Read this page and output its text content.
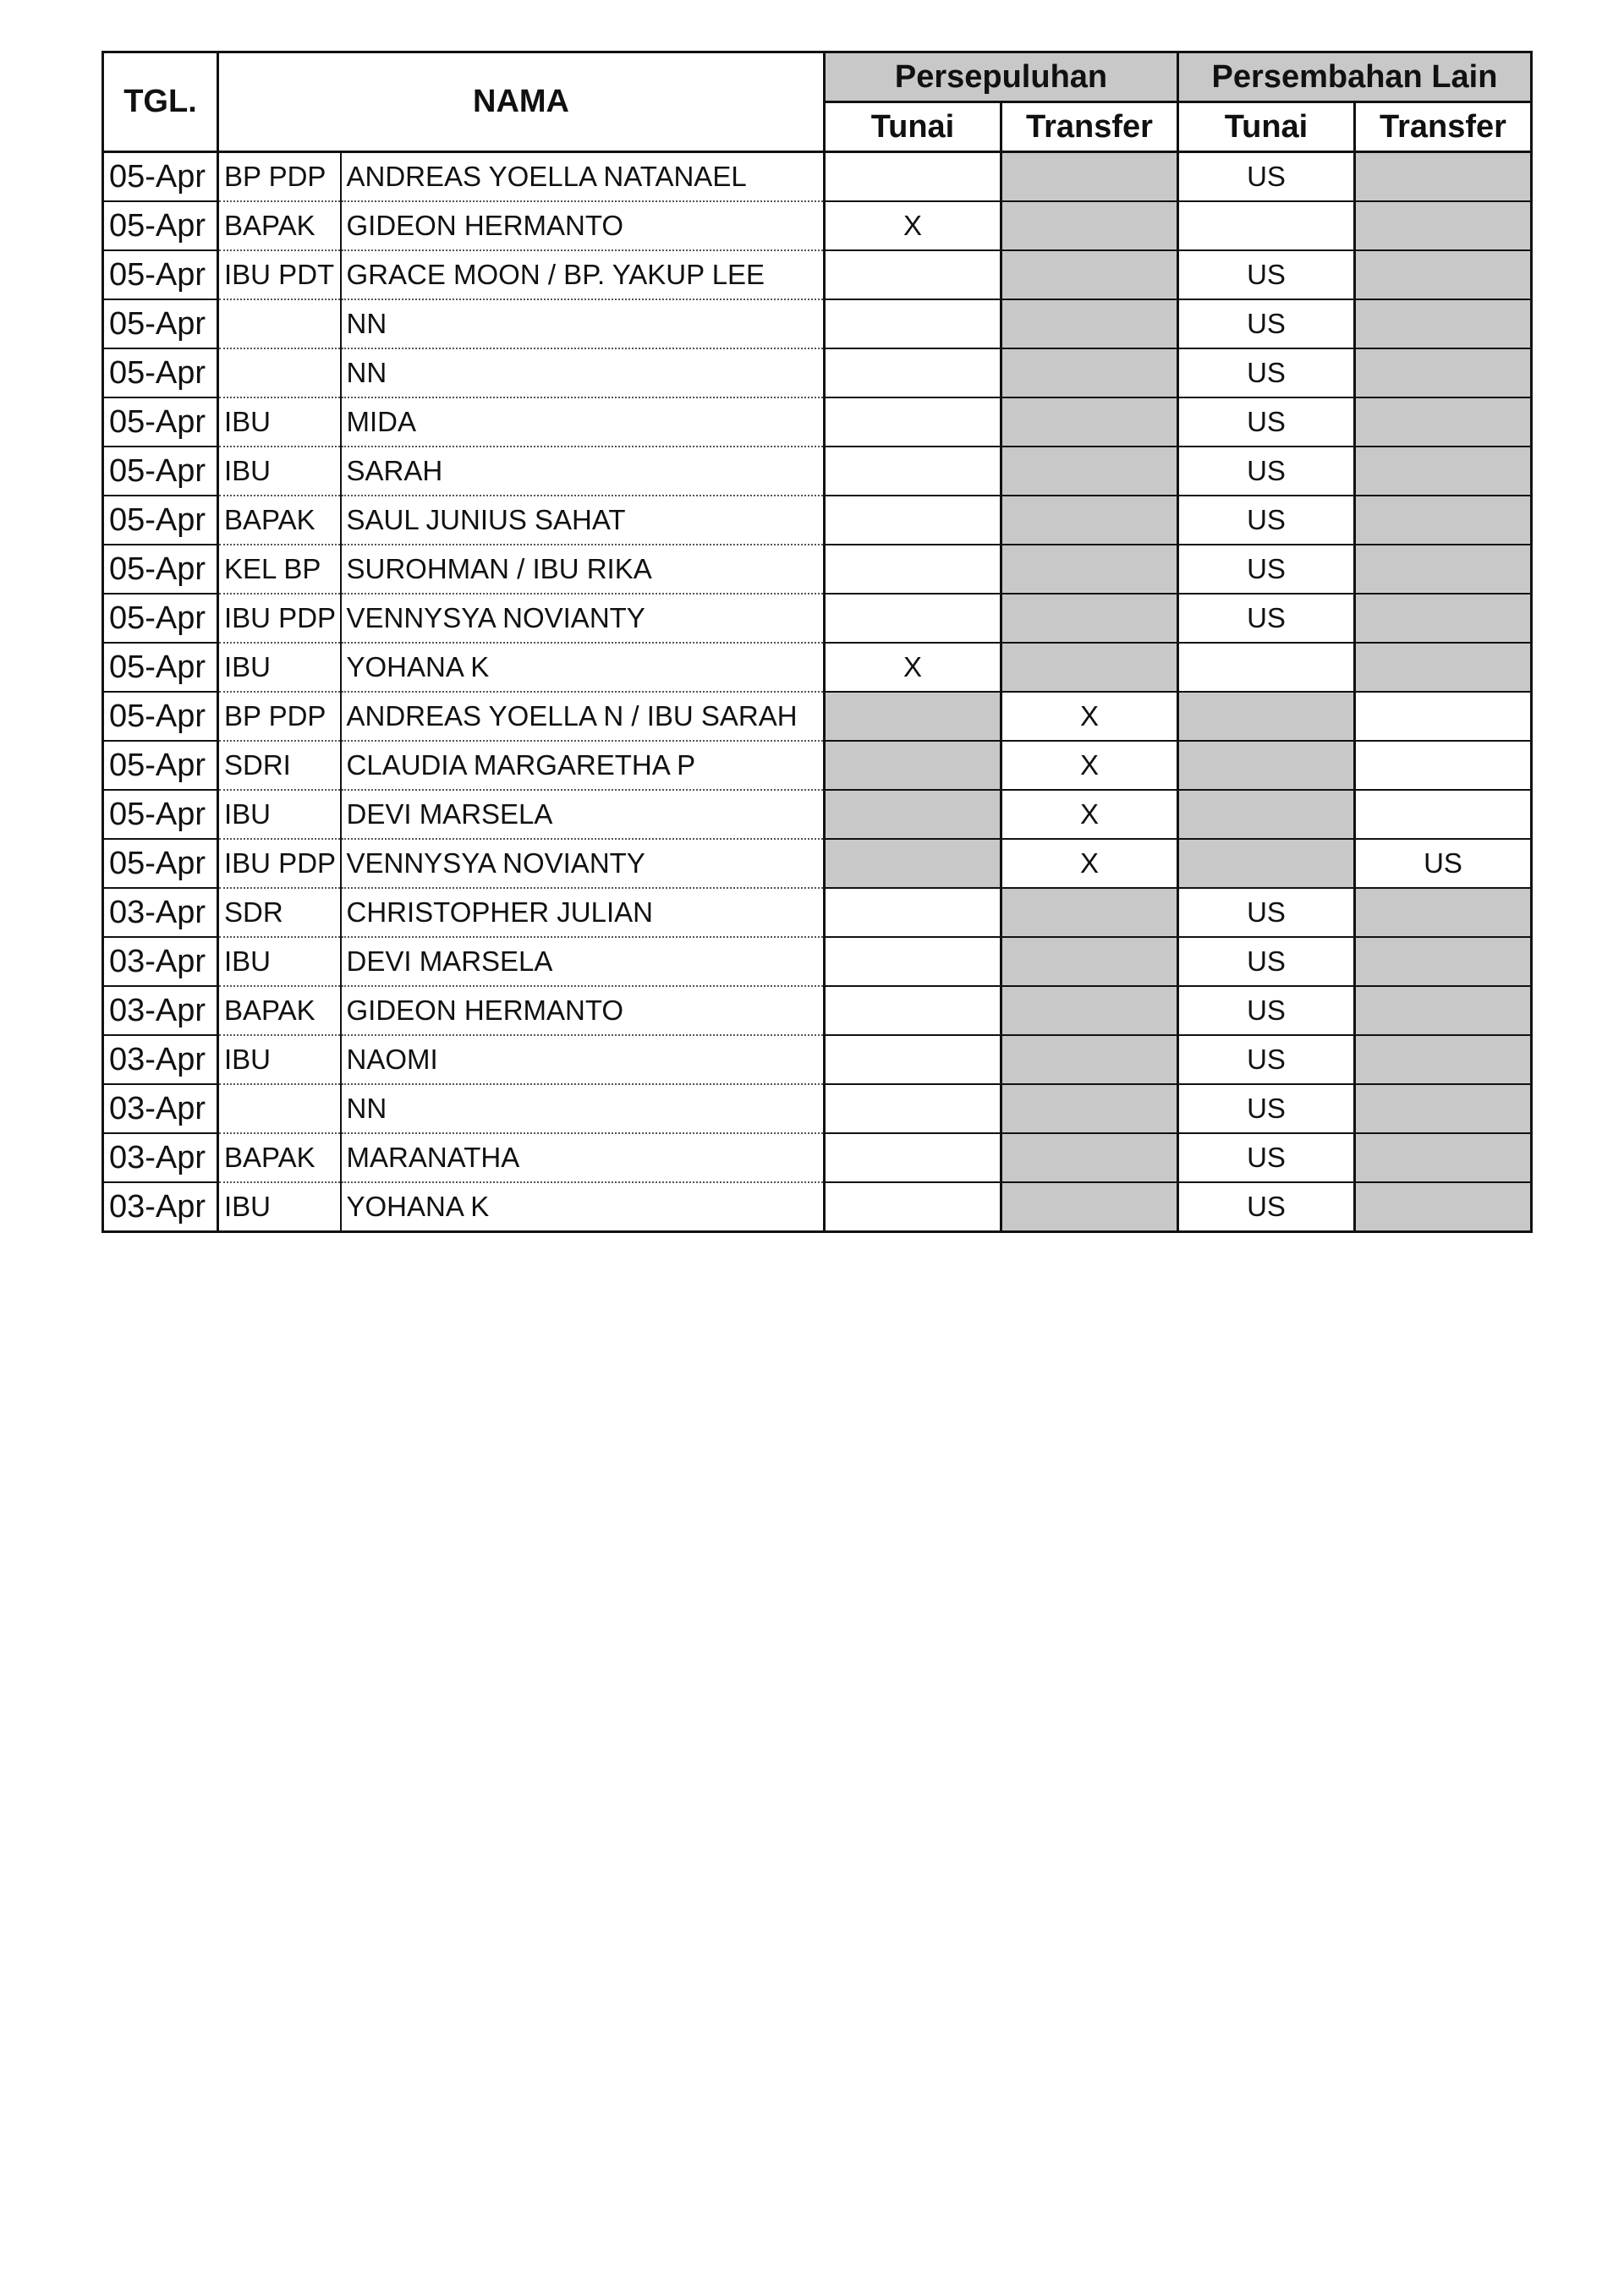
TGL.	NAMA		Persepuluhan		Persembahan Lain	
			Tunai	Transfer	Tunai	Transfer
05-Apr	BP PDP	ANDREAS YOELLA NATANAEL			US	
05-Apr	BAPAK	GIDEON HERMANTO	X			
05-Apr	IBU PDT	GRACE MOON / BP. YAKUP LEE			US	
05-Apr		NN			US	
05-Apr		NN			US	
05-Apr	IBU	MIDA			US	
05-Apr	IBU	SARAH			US	
05-Apr	BAPAK	SAUL JUNIUS SAHAT			US	
05-Apr	KEL BP	SUROHMAN / IBU RIKA			US	
05-Apr	IBU PDP	VENNYSYA NOVIANTY			US	
05-Apr	IBU	YOHANA K	X			
05-Apr	BP PDP	ANDREAS YOELLA N / IBU SARAH		X		
05-Apr	SDRI	CLAUDIA MARGARETHA P		X		
05-Apr	IBU	DEVI MARSELA		X		
05-Apr	IBU PDP	VENNYSYA NOVIANTY		X		US
03-Apr	SDR	CHRISTOPHER JULIAN			US	
03-Apr	IBU	DEVI MARSELA			US	
03-Apr	BAPAK	GIDEON HERMANTO			US	
03-Apr	IBU	NAOMI			US	
03-Apr		NN			US	
03-Apr	BAPAK	MARANATHA			US	
03-Apr	IBU	YOHANA K			US	
